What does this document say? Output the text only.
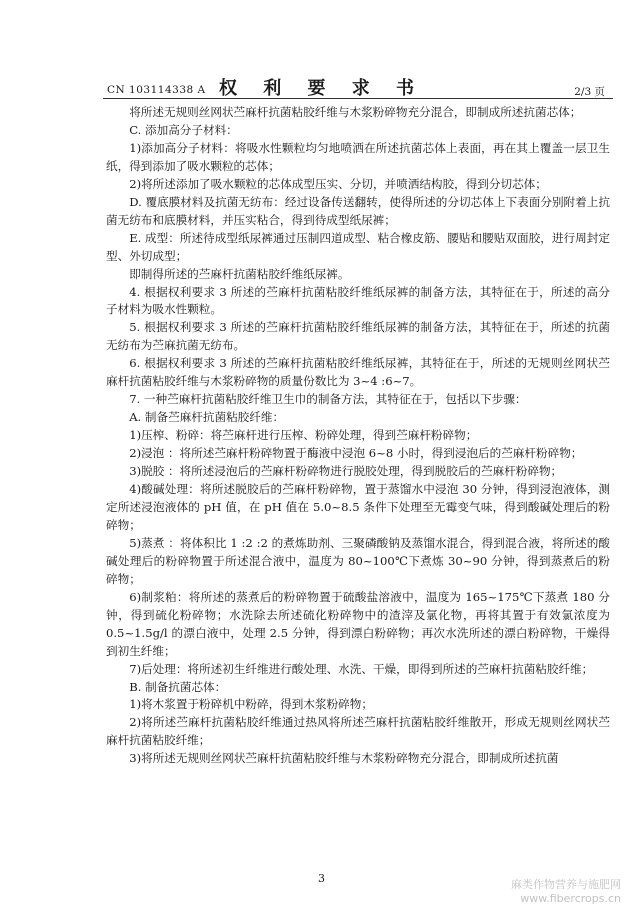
CN 103114338 A 权 利 要 求 书	2/3 页

将所述无规则丝网状苎麻杆抗菌粘胶纤维与木浆粉碎物充分混合，即制成所述抗菌芯体；

C. 添加高分子材料：

1)添加高分子材料：将吸水性颗粒均匀地喷洒在所述抗菌芯体上表面，再在其上覆盖一层卫生纸，得到添加了吸水颗粒的芯体；

2)将所述添加了吸水颗粒的芯体成型压实、分切，并喷洒结构胶，得到分切芯体；

D. 覆底膜材料及抗菌无纺布：经过设备传送翻转，使得所述的分切芯体上下表面分别附着上抗菌无纺布和底膜材料，并压实粘合，得到待成型纸尿裤；

E. 成型：所述待成型纸尿裤通过压制四道成型、粘合橡皮筋、腰贴和腰贴双面胶，进行周封定型、外切成型；

即制得所述的苎麻杆抗菌粘胶纤维纸尿裤。

4. 根据权利要求 3 所述的苎麻杆抗菌粘胶纤维纸尿裤的制备方法，其特征在于，所述的高分子材料为吸水性颗粒。

5. 根据权利要求 3 所述的苎麻杆抗菌粘胶纤维纸尿裤的制备方法，其特征在于，所述的抗菌无纺布为苎麻抗菌无纺布。

6. 根据权利要求 3 所述的苎麻杆抗菌粘胶纤维纸尿裤，其特征在于，所述的无规则丝网状苎麻杆抗菌粘胶纤维与木浆粉碎物的质量份数比为 3~4 :6~7。

7. 一种苎麻杆抗菌粘胶纤维卫生巾的制备方法，其特征在于，包括以下步骤：

A. 制备苎麻杆抗菌粘胶纤维：

1)压榨、粉碎：将苎麻杆进行压榨、粉碎处理，得到苎麻杆粉碎物；

2)浸泡 ：将所述苎麻杆粉碎物置于酶液中浸泡 6~8 小时，得到浸泡后的苎麻杆粉碎物；

3)脱胶 ：将所述浸泡后的苎麻杆粉碎物进行脱胶处理，得到脱胶后的苎麻杆粉碎物；

4)酸碱处理：将所述脱胶后的苎麻杆粉碎物，置于蒸馏水中浸泡 30 分钟，得到浸泡液体，测定所述浸泡液体的 pH 值，在 pH 值在 5.0~8.5 条件下处理至无霉变气味，得到酸碱处理后的粉碎物；

5)蒸煮 ：将体积比 1 :2 :2 的煮炼助剂、三聚磷酸钠及蒸馏水混合，得到混合液，将所述的酸碱处理后的粉碎物置于所述混合液中，温度为 80~100℃下煮炼 30~90 分钟，得到蒸煮后的粉碎物；

6)制浆粕：将所述的蒸煮后的粉碎物置于硫酸盐溶液中，温度为 165~175℃下蒸煮 180 分钟，得到硫化粉碎物；水洗除去所述硫化粉碎物中的渣滓及氯化物，再将其置于有效氯浓度为 0.5~1.5g/l 的漂白液中，处理 2.5 分钟，得到漂白粉碎物；再次水洗所述的漂白粉碎物，干燥得到初生纤维；

7)后处理：将所述初生纤维进行酸处理、水洗、干燥，即得到所述的苎麻杆抗菌粘胶纤维；

B. 制备抗菌芯体：

1)将木浆置于粉碎机中粉碎，得到木浆粉碎物；

2)将所述苎麻杆抗菌粘胶纤维通过热风将所述苎麻杆抗菌粘胶纤维散开，形成无规则丝网状苎麻杆抗菌粘胶纤维；

3)将所述无规则丝网状苎麻杆抗菌粘胶纤维与木浆粉碎物充分混合，即制成所述抗菌

3	麻类作物营养与施肥网
www.fibercrops.cn
